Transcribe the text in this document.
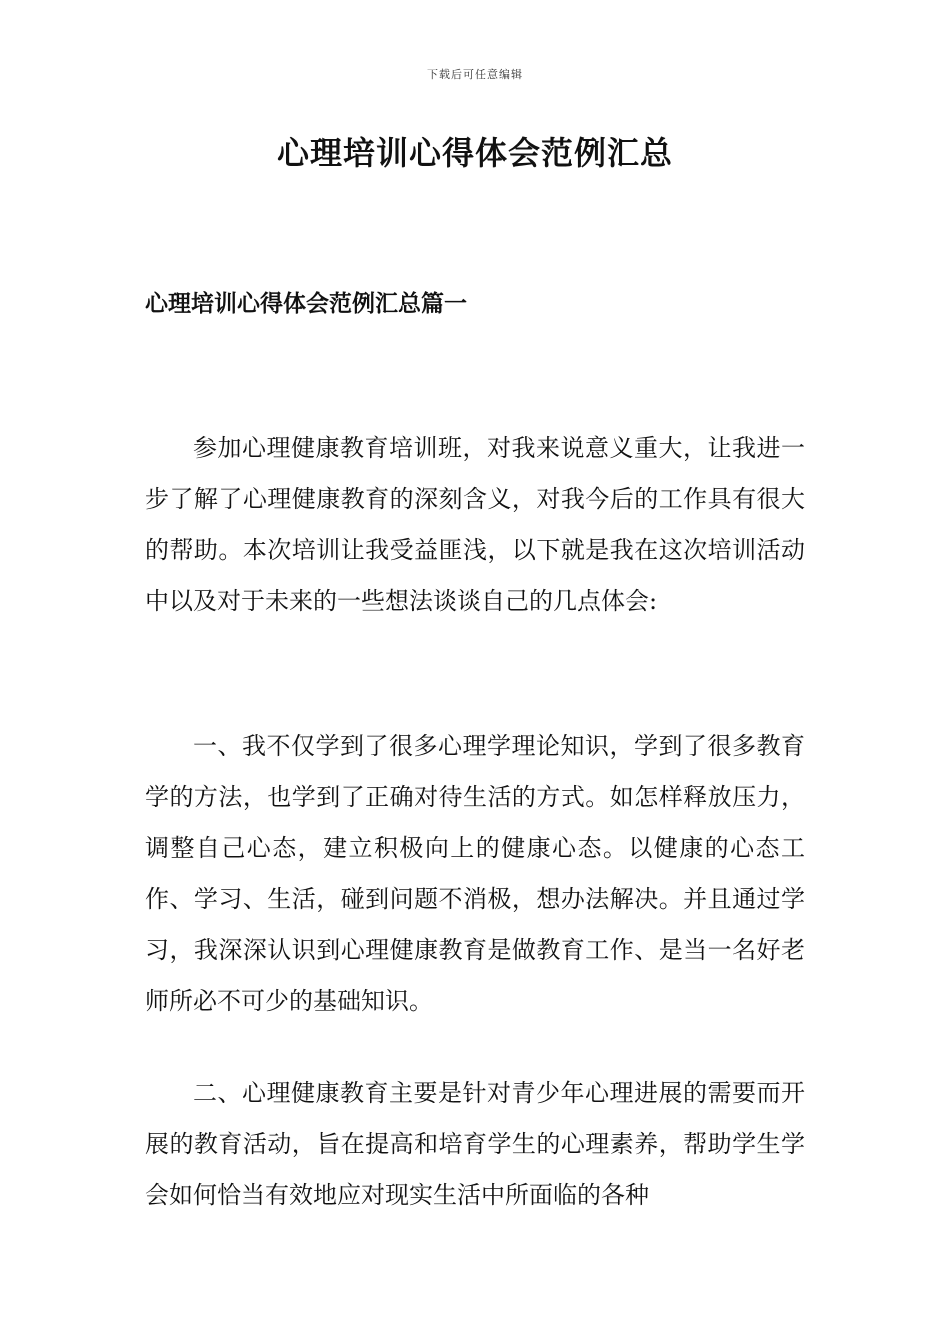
下载后可任意编辑
心理培训心得体会范例汇总
心理培训心得体会范例汇总篇一

参加心理健康教育培训班，对我来说意义重大，让我进一步了解了心理健康教育的深刻含义，对我今后的工作具有很大的帮助。本次培训让我受益匪浅，以下就是我在这次培训活动中以及对于未来的一些想法谈谈自己的几点体会:

一、我不仅学到了很多心理学理论知识，学到了很多教育学的方法，也学到了正确对待生活的方式。如怎样释放压力，调整自己心态，建立积极向上的健康心态。以健康的心态工作、学习、生活，碰到问题不消极，想办法解决。并且通过学习，我深深认识到心理健康教育是做教育工作、是当一名好老师所必不可少的基础知识。

二、心理健康教育主要是针对青少年心理进展的需要而开展的教育活动，旨在提高和培育学生的心理素养，帮助学生学会如何恰当有效地应对现实生活中所面临的各种
